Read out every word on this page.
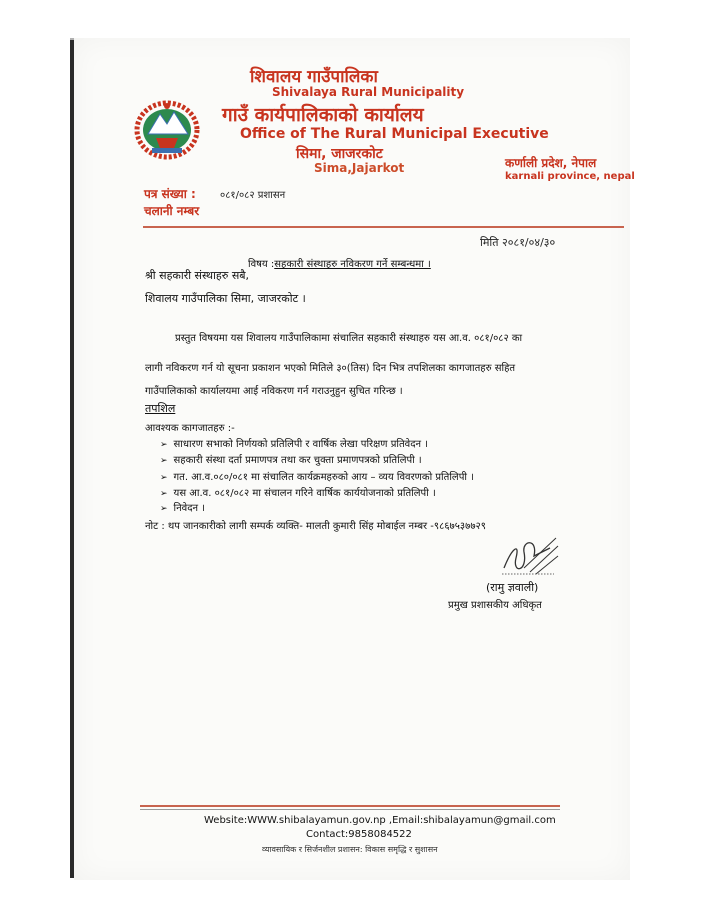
शिवालय गाउँपालिका
Shivalaya Rural Municipality
गाउँ कार्यपालिकाको कार्यालय
Office of The Rural Municipal Executive
सिमा, जाजरकोट
Sima,Jajarkot	कर्णाली प्रदेश, नेपाल
karnali province, nepal
पत्र संख्या : ०८१/०८२ प्रशासन
चलानी नम्बर
मिति २०८१/०४/३०
विषय :सहकारी संस्थाहरु नविकरण गर्ने सम्बन्धमा ।
श्री सहकारी संस्थाहरु सबै,
शिवालय गाउँपालिका सिमा, जाजरकोट ।
प्रस्तुत विषयमा यस शिवालय गाउँपालिकामा संचालित सहकारी संस्थाहरु यस आ.व. ०८१/०८२ का
लागी नविकरण गर्न यो सूचना प्रकाशन भएको मितिले ३०(तिस) दिन भित्र तपशिलका कागजातहरु सहित
गाउँपालिकाको कार्यालयमा आई नविकरण गर्न गराउनुहुन सुचित गरिन्छ ।
तपशिल
आवश्यक कागजातहरु :-
➢ साधारण सभाको निर्णयको प्रतिलिपी र वार्षिक लेखा परिक्षण प्रतिवेदन ।
➢ सहकारी संस्था दर्ता प्रमाणपत्र तथा कर चुक्ता प्रमाणपत्रको प्रतिलिपी ।
➢ गत. आ.व.०८०/०८१ मा संचालित कार्यक्रमहरुको आय – व्यय विवरणको प्रतिलिपी ।
➢ यस आ.व. ०८१/०८२ मा संचालन गरिने वार्षिक कार्ययोजनाको प्रतिलिपी ।
➢ निवेदन ।
नोट : थप जानकारीको लागी सम्पर्क व्यक्ति- मालती कुमारी सिंह मोबाईल नम्बर -९८६७५३७७२९
(रामु ज्ञवाली)
प्रमुख प्रशासकीय अधिकृत
Website:WWW.shibalayamun.gov.np ,Email:shibalayamun@gmail.com
Contact:9858084522
व्यावसायिक र सिर्जनशील प्रशासन: विकास समृद्धि र सुशासन
